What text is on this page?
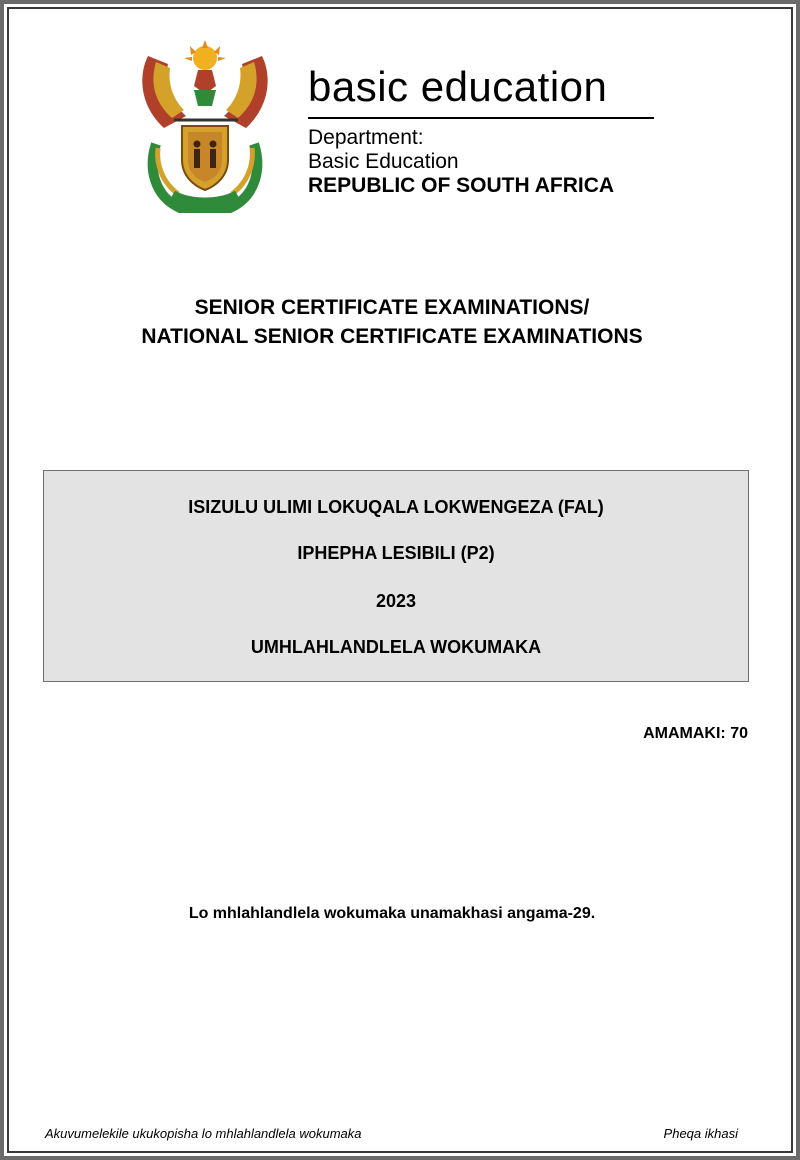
basic education
Department:
Basic Education
REPUBLIC OF SOUTH AFRICA
SENIOR CERTIFICATE EXAMINATIONS/
NATIONAL SENIOR CERTIFICATE EXAMINATIONS
ISIZULU ULIMI LOKUQALA LOKWENGEZA (FAL)
IPHEPHA LESIBILI (P2)
2023
UMHLAHLANDLELA WOKUMAKA
AMAMAKI: 70
Lo mhlahlandlela wokumaka unamakhasi angama-29.
Akuvumelekile ukukopisha lo mhlahlandlela wokumaka	Pheqa ikhasi
